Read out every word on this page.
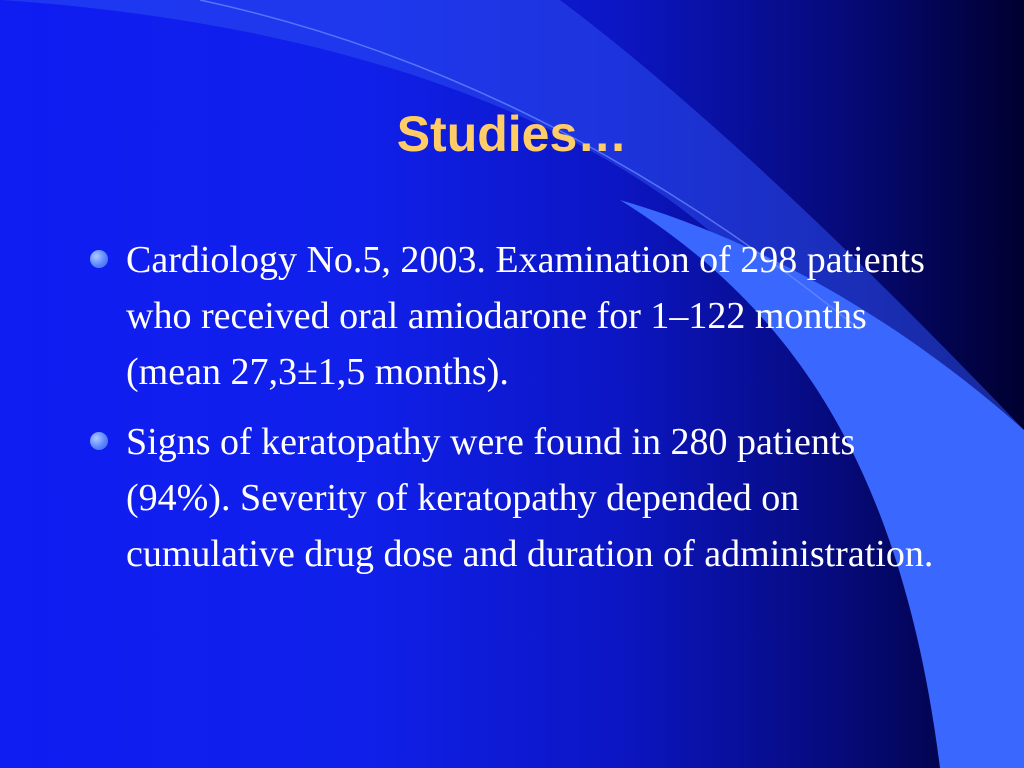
Studies…
Cardiology No.5, 2003. Examination of 298 patients who received oral amiodarone for 1–122 months (mean 27,3±1,5 months).
Signs of keratopathy were found in 280 patients (94%). Severity of keratopathy depended on cumulative drug dose and duration of administration.
